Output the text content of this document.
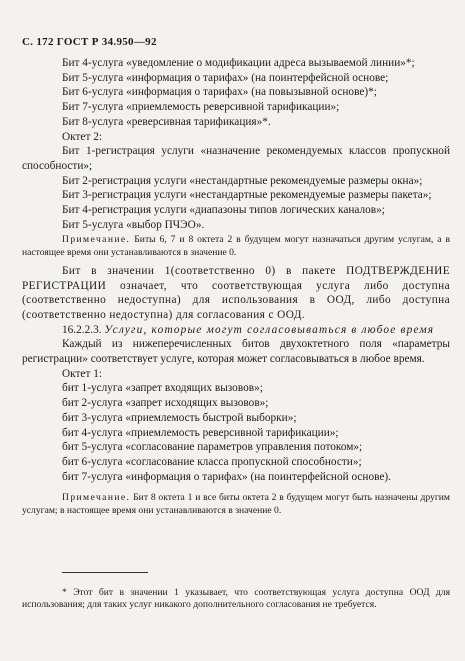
С. 172 ГОСТ Р 34.950—92

Бит 4-услуга «уведомление о модификации адреса вызываемой линии»*;

Бит 5-услуга «информация о тарифах» (на поинтерфейсной основе;

Бит 6-услуга «информация о тарифах» (на повызывной основе)*;

Бит 7-услуга «приемлемость реверсивной тарификации»;

Бит 8-услуга «реверсивная тарификация»*.

Октет 2:

Бит 1-регистрация услуги «назначение рекомендуемых классов пропускной способности»;

Бит 2-регистрация услуги «нестандартные рекомендуемые размеры окна»;

Бит 3-регистрация услуги «нестандартные рекомендуемые размеры пакета»;

Бит 4-регистрация услуги «диапазоны типов логических каналов»;

Бит 5-услуга «выбор ПЧЭО».

Примечание. Биты 6, 7 и 8 октета 2 в будущем могут назначаться другим услугам, а в настоящее время они устанавливаются в значение 0.

Бит в значении 1(соответственно 0) в пакете ПОДТВЕРЖДЕНИЕ РЕГИСТРАЦИИ означает, что соответствующая услуга либо доступна (соответственно недоступна) для использования в ООД, либо доступна (соответственно недоступна) для согласования с ООД.

16.2.2.3. Услуги, которые могут согласовываться в любое время

Каждый из нижеперечисленных битов двухоктетного поля «параметры регистрации» соответствует услуге, которая может согласовываться в любое время.

Октет 1:

бит 1-услуга «запрет входящих вызовов»;

бит 2-услуга «запрет исходящих вызовов»;

бит 3-услуга «приемлемость быстрой выборки»;

бит 4-услуга «приемлемость реверсивной тарификации»;

бит 5-услуга «согласование параметров управления потоком»;

бит 6-услуга «согласование класса пропускной способности»;

бит 7-услуга «информация о тарифах» (на поинтерфейсной основе).

Примечание. Бит 8 октета 1 и все биты октета 2 в будущем могут быть назначены другим услугам; в настоящее время они устанавливаются в значение 0.

* Этот бит в значении 1 указывает, что соответствующая услуга доступна ООД для использования; для таких услуг никакого дополнительного согласования не требуется.
